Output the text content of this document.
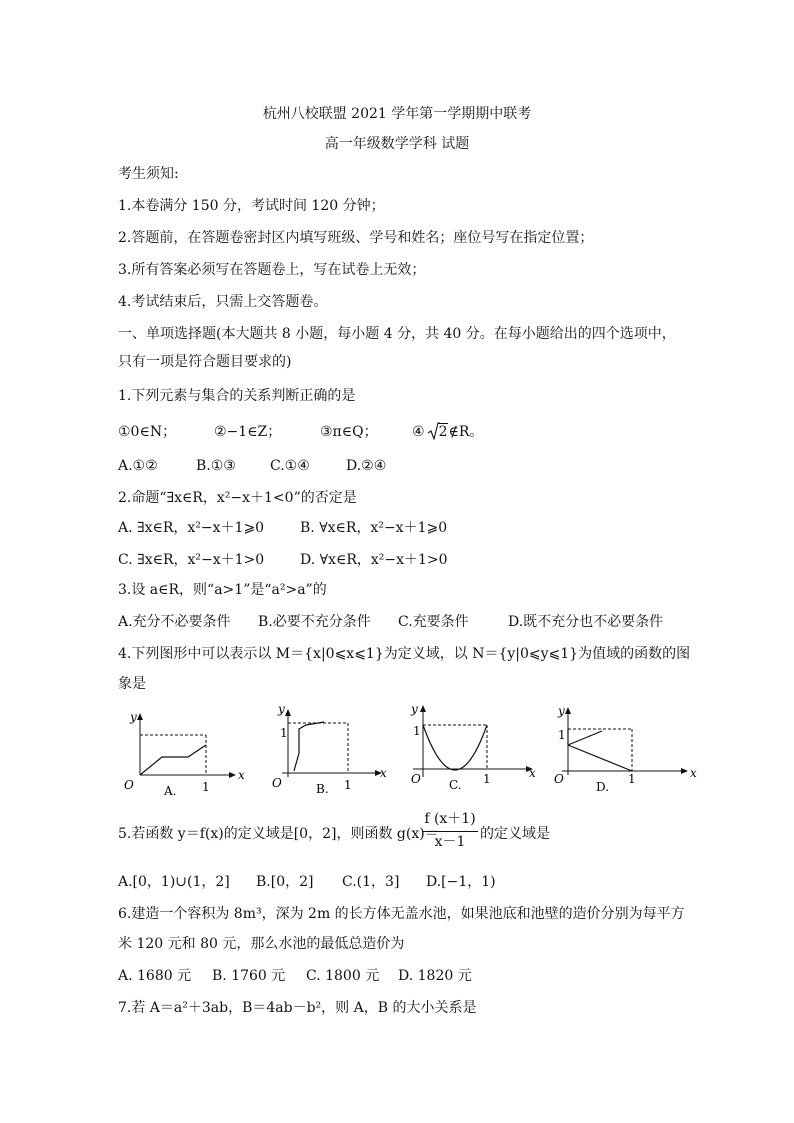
杭州八校联盟 2021 学年第一学期期中联考
高一年级数学学科 试题
考生须知:
1.本卷满分 150 分，考试时间 120 分钟；
2.答题前，在答题卷密封区内填写班级、学号和姓名；座位号写在指定位置；
3.所有答案必须写在答题卷上，写在试卷上无效；
4.考试结束后，只需上交答题卷。
一、单项选择题(本大题共 8 小题，每小题 4 分，共 40 分。在每小题给出的四个选项中，
只有一项是符合题目要求的)
1.下列元素与集合的关系判断正确的是
①0∈N；	②−1∈Z；	③π∈Q； ④ 2∉R。
A.①②	B.①③ C.①④	D.②④
2.命题“∃x∈R，x²−x＋1<0”的否定是
A. ∃x∈R，x²−x＋1⩾0	B. ∀x∈R，x²−x＋1⩾0
C. ∃x∈R，x²−x＋1>0	D. ∀x∈R，x²−x＋1>0
3.设 a∈R，则“a>1”是“a²>a”的
A.充分不必要条件 B.必要不充分条件 C.充要条件	D.既不充分也不必要条件
4.下列图形中可以表示以 M＝{x|0⩽x⩽1}为定义域，以 N＝{y|0⩽y⩽1}为值域的函数的图
象是
y
x
O	1
A.
y
1
x
O	1
B.
y
1
x
O	1
C.
y
1
x
O	1
D.
5.若函数 y＝f(x)的定义域是[0，2]，则函数 g(x)＝
f (x＋1)
x－1	的定义域是
A.[0，1)∪(1，2] B.[0，2] C.(1，3] D.[−1，1)
6.建造一个容积为 8m³，深为 2m 的长方体无盖水池，如果池底和池壁的造价分别为每平方
米 120 元和 80 元，那么水池的最低总造价为
A. 1680 元 B. 1760 元 C. 1800 元 D. 1820 元
7.若 A＝a²＋3ab，B＝4ab－b²，则 A，B 的大小关系是
